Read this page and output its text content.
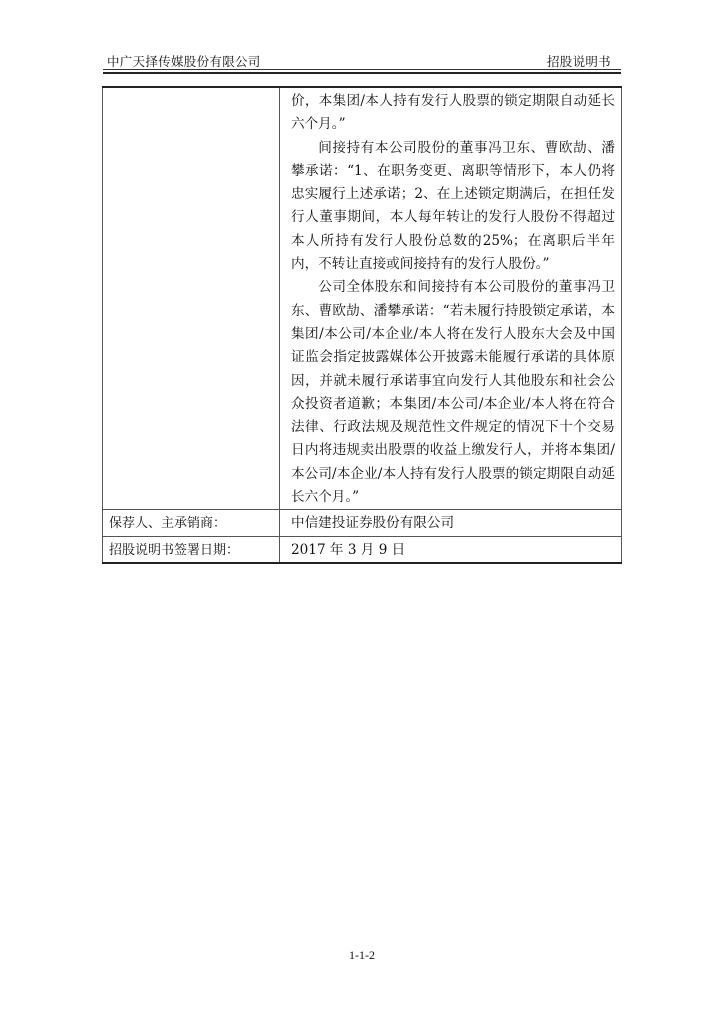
中广天择传媒股份有限公司	招股说明书

	价，本集团/本人持有发行人股票的锁定期限自动延长六个月。”

间接持有本公司股份的董事冯卫东、曹欧劼、潘攀承诺：“1、在职务变更、离职等情形下，本人仍将忠实履行上述承诺；2、在上述锁定期满后，在担任发行人董事期间，本人每年转让的发行人股份不得超过本人所持有发行人股份总数的25%；在离职后半年内，不转让直接或间接持有的发行人股份。”

公司全体股东和间接持有本公司股份的董事冯卫东、曹欧劼、潘攀承诺：“若未履行持股锁定承诺，本集团/本公司/本企业/本人将在发行人股东大会及中国证监会指定披露媒体公开披露未能履行承诺的具体原因，并就未履行承诺事宜向发行人其他股东和社会公众投资者道歉；本集团/本公司/本企业/本人将在符合法律、行政法规及规范性文件规定的情况下十个交易日内将违规卖出股票的收益上缴发行人，并将本集团/本公司/本企业/本人持有发行人股票的锁定期限自动延长六个月。”

保荐人、主承销商：	中信建投证券股份有限公司
招股说明书签署日期：	2017 年 3 月 9 日
1-1-2
